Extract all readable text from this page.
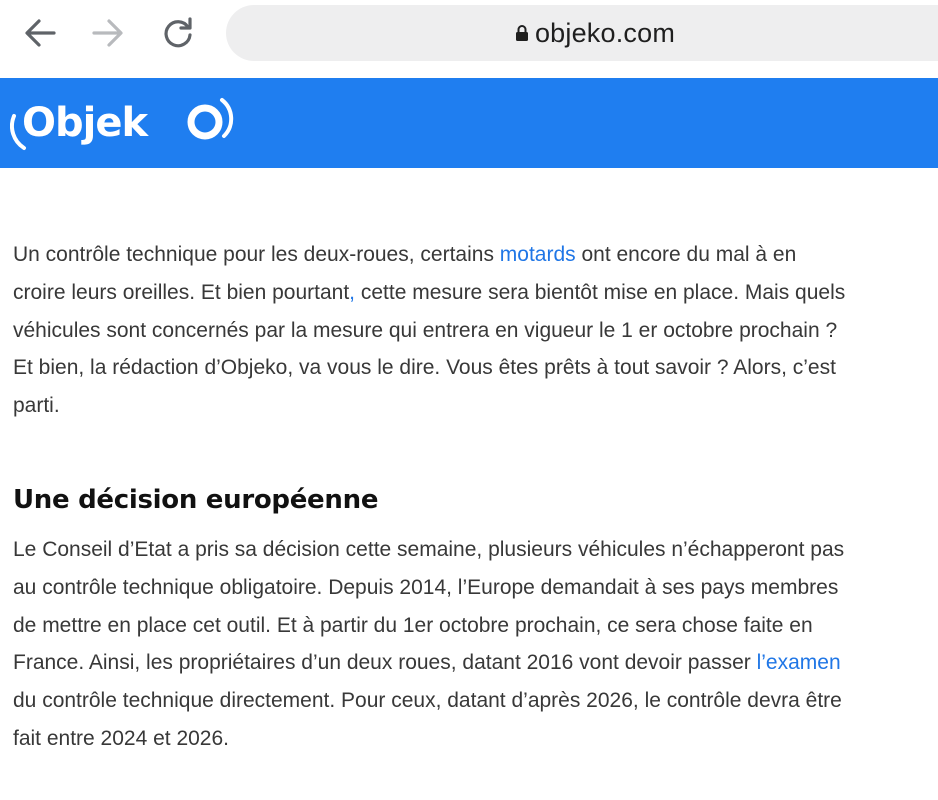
objeko.com
Objek

Un contrôle technique pour les deux-roues, certains motards ont encore du mal à en croire leurs oreilles. Et bien pourtant, cette mesure sera bientôt mise en place. Mais quels véhicules sont concernés par la mesure qui entrera en vigueur le 1 er octobre prochain ? Et bien, la rédaction d’Objeko, va vous le dire. Vous êtes prêts à tout savoir ? Alors, c’est parti.

Une décision européenne

Le Conseil d’Etat a pris sa décision cette semaine, plusieurs véhicules n’échapperont pas au contrôle technique obligatoire. Depuis 2014, l’Europe demandait à ses pays membres de mettre en place cet outil. Et à partir du 1er octobre prochain, ce sera chose faite en France. Ainsi, les propriétaires d’un deux roues, datant 2016 vont devoir passer l’examen du contrôle technique directement. Pour ceux, datant d’après 2026, le contrôle devra être fait entre 2024 et 2026.
